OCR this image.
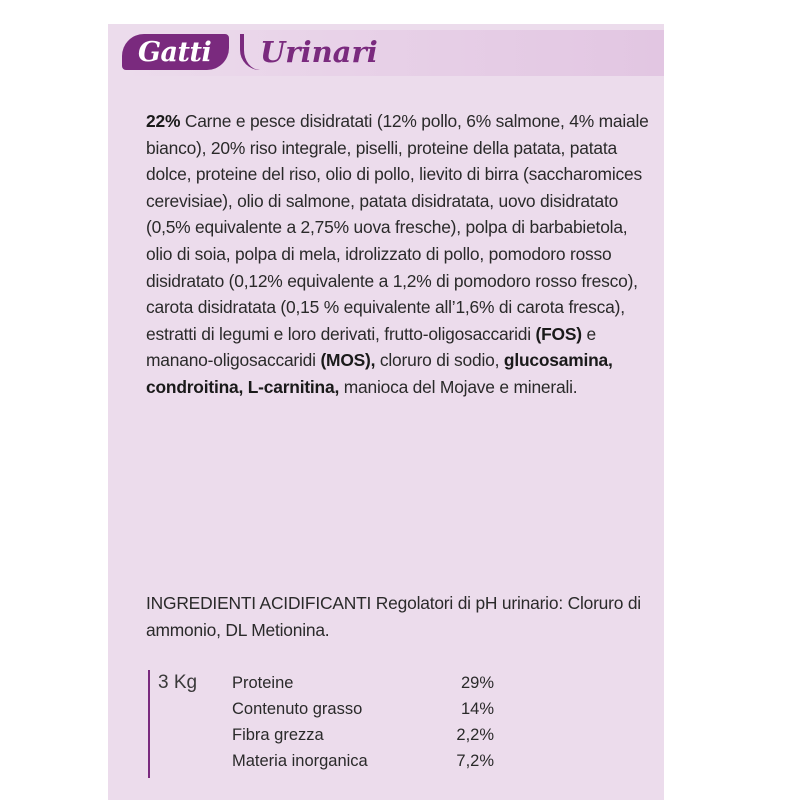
Gatti Urinari

22% Carne e pesce disidratati (12% pollo, 6% salmone, 4% maiale bianco), 20% riso integrale, piselli, proteine della patata, patata dolce, proteine del riso, olio di pollo, lievito di birra (saccharomices cerevisiae), olio di salmone, patata disidratata, uovo disidratato (0,5% equivalente a 2,75% uova fresche), polpa di barbabietola, olio di soia, polpa di mela, idrolizzato di pollo, pomodoro rosso disidratato (0,12% equivalente a 1,2% di pomodoro rosso fresco), carota disidratata (0,15 % equivalente all’1,6% di carota fresca), estratti di legumi e loro derivati, frutto-oligosaccaridi (FOS) e manano-oligosaccaridi (MOS), cloruro di sodio, glucosamina, condroitina, L-carnitina, manioca del Mojave e minerali.

INGREDIENTI ACIDIFICANTI Regolatori di pH urinario: Cloruro di ammonio, DL Metionina.
3 Kg Proteine	29%
Contenuto grasso	14%
Fibra grezza	2,2%
Materia inorganica	7,2%
